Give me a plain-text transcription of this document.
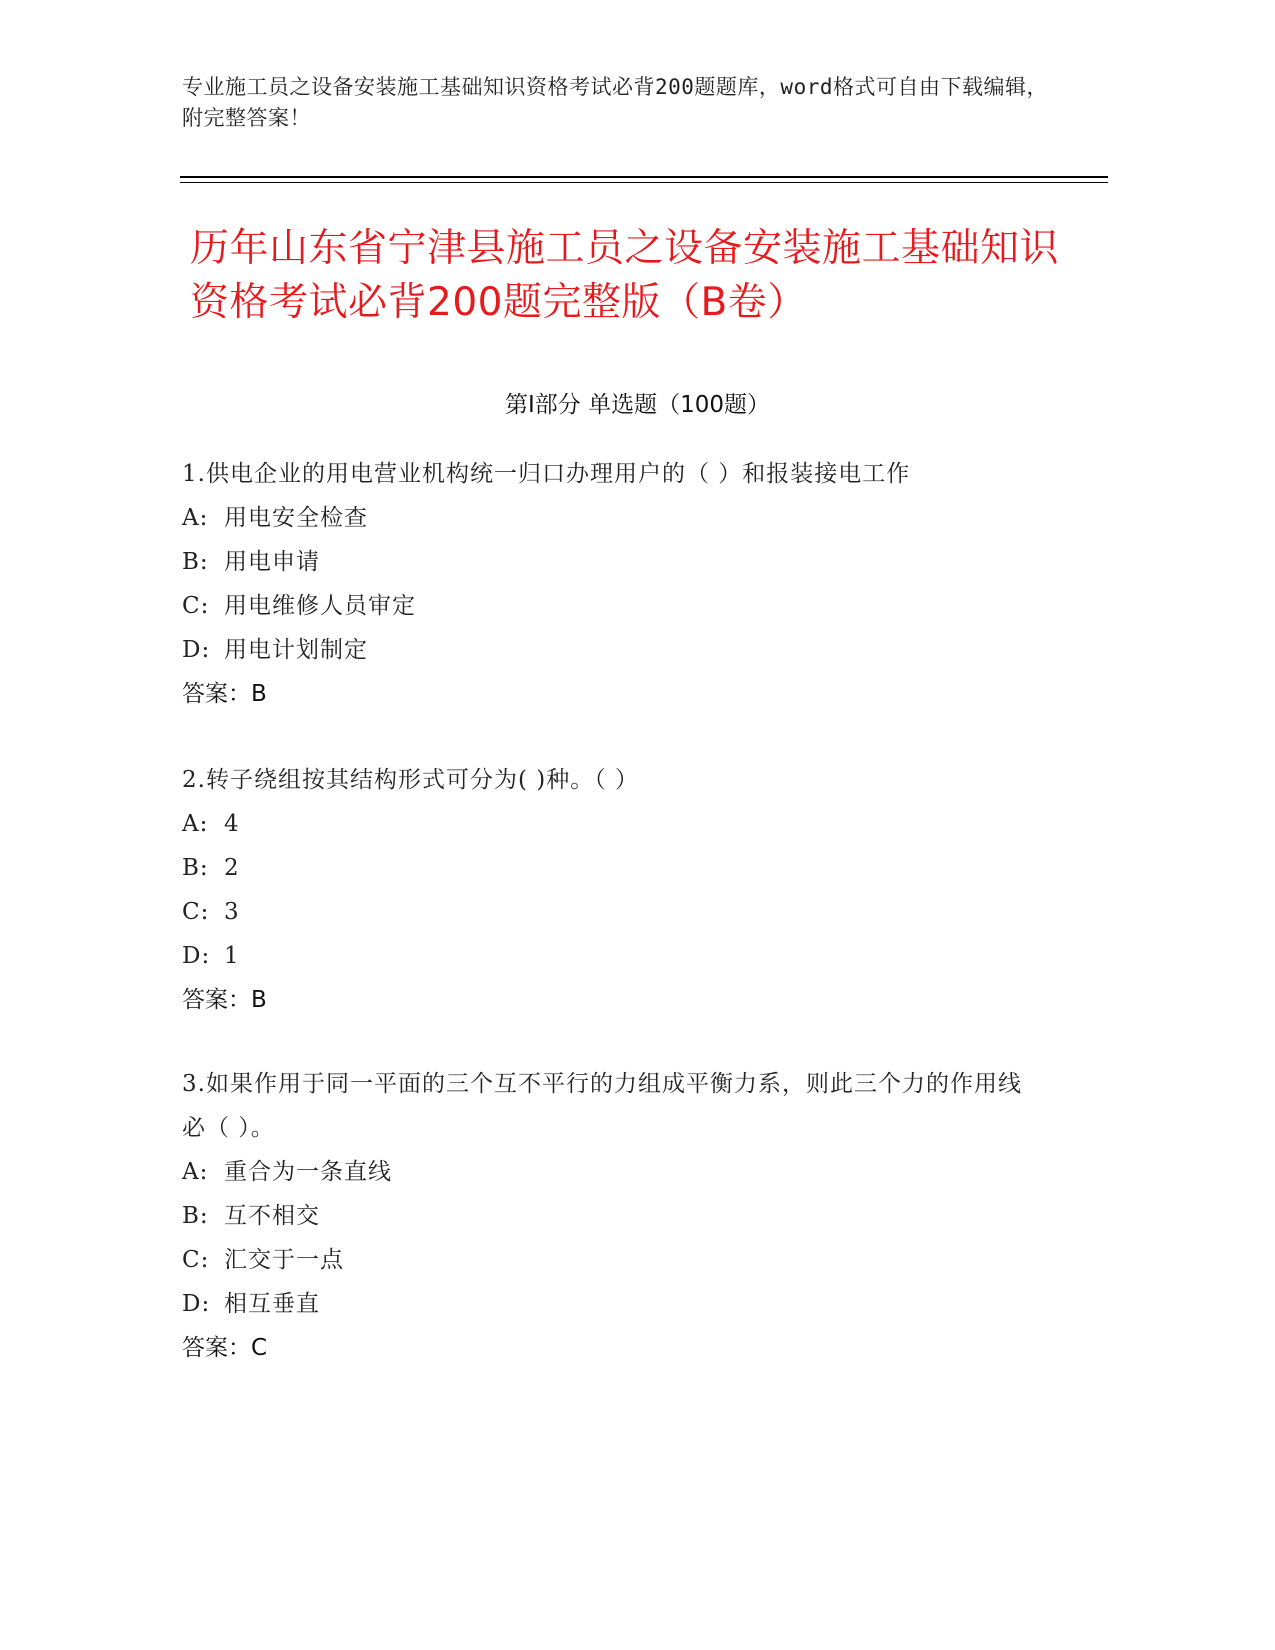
专业施工员之设备安装施工基础知识资格考试必背200题题库，word格式可自由下载编辑，附完整答案！
历年山东省宁津县施工员之设备安装施工基础知识资格考试必背200题完整版（B卷）
第Ⅰ部分 单选题（100题）
1.供电企业的用电营业机构统一归口办理用户的（ ）和报装接电工作
A: 用电安全检查
B: 用电申请
C: 用电维修人员审定
D: 用电计划制定
答案：B
2.转子绕组按其结构形式可分为( )种。（ ）
A: 4
B: 2
C: 3
D: 1
答案：B
3.如果作用于同一平面的三个互不平行的力组成平衡力系，则此三个力的作用线必（ ）。
A: 重合为一条直线
B: 互不相交
C: 汇交于一点
D: 相互垂直
答案：C
